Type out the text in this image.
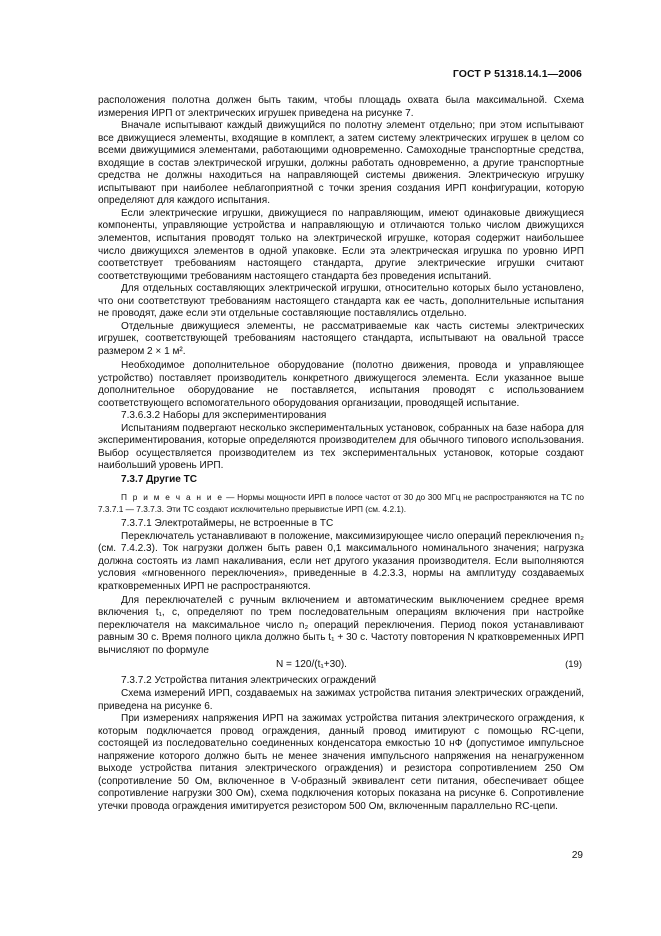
ГОСТ Р 51318.14.1—2006

расположения полотна должен быть таким, чтобы площадь охвата была максимальной. Схема измерения ИРП от электрических игрушек приведена на рисунке 7.

Вначале испытывают каждый движущийся по полотну элемент отдельно; при этом испытывают все движущиеся элементы, входящие в комплект, а затем систему электрических игрушек в целом со всеми движущимися элементами, работающими одновременно. Самоходные транспортные средства, входящие в состав электрической игрушки, должны работать одновременно, а другие транспортные средства не должны находиться на направляющей системы движения. Электрическую игрушку испытывают при наиболее неблагоприятной с точки зрения создания ИРП конфигурации, которую определяют для каждого испытания.

Если электрические игрушки, движущиеся по направляющим, имеют одинаковые движущиеся компоненты, управляющие устройства и направляющую и отличаются только числом движущихся элементов, испытания проводят только на электрической игрушке, которая содержит наибольшее число движущихся элементов в одной упаковке. Если эта электрическая игрушка по уровню ИРП соответствует требованиям настоящего стандарта, другие электрические игрушки считают соответствующими требованиям настоящего стандарта без проведения испытаний.

Для отдельных составляющих электрической игрушки, относительно которых было установлено, что они соответствуют требованиям настоящего стандарта как ее часть, дополнительные испытания не проводят, даже если эти отдельные составляющие поставлялись отдельно.

Отдельные движущиеся элементы, не рассматриваемые как часть системы электрических игрушек, соответствующей требованиям настоящего стандарта, испытывают на овальной трассе размером 2 × 1 м².

Необходимое дополнительное оборудование (полотно движения, провода и управляющее устройство) поставляет производитель конкретного движущегося элемента. Если указанное выше дополнительное оборудование не поставляется, испытания проводят с использованием соответствующего вспомогательного оборудования организации, проводящей испытание.

7.3.6.3.2 Наборы для экспериментирования

Испытаниям подвергают несколько экспериментальных установок, собранных на базе набора для экспериментирования, которые определяются производителем для обычного типового использования. Выбор осуществляется производителем из тех экспериментальных установок, которые создают наибольший уровень ИРП.

7.3.7 Другие ТС

П р и м е ч а н и е — Нормы мощности ИРП в полосе частот от 30 до 300 МГц не распространяются на ТС по 7.3.7.1 — 7.3.7.3. Эти ТС создают исключительно прерывистые ИРП (см. 4.2.1).

7.3.7.1 Электротаймеры, не встроенные в ТС

Переключатель устанавливают в положение, максимизирующее число операций переключения n₂ (см. 7.4.2.3). Ток нагрузки должен быть равен 0,1 максимального номинального значения; нагрузка должна состоять из ламп накаливания, если нет другого указания производителя. Если выполняются условия «мгновенного переключения», приведенные в 4.2.3.3, нормы на амплитуду создаваемых кратковременных ИРП не распространяются.

Для переключателей с ручным включением и автоматическим выключением среднее время включения t₁, с, определяют по трем последовательным операциям включения при настройке переключателя на максимальное число n₂ операций переключения. Период покоя устанавливают равным 30 с. Время полного цикла должно быть t₁ + 30 с. Частоту повторения N кратковременных ИРП вычисляют по формуле

N = 120/(t₁+30).	(19)

7.3.7.2 Устройства питания электрических ограждений

Схема измерений ИРП, создаваемых на зажимах устройства питания электрических ограждений, приведена на рисунке 6.

При измерениях напряжения ИРП на зажимах устройства питания электрического ограждения, к которым подключается провод ограждения, данный провод имитируют с помощью RC-цепи, состоящей из последовательно соединенных конденсатора емкостью 10 нФ (допустимое импульсное напряжение которого должно быть не менее значения импульсного напряжения на ненагруженном выходе устройства питания электрического ограждения) и резистора сопротивлением 250 Ом (сопротивление 50 Ом, включенное в V-образный эквивалент сети питания, обеспечивает общее сопротивление нагрузки 300 Ом), схема подключения которых показана на рисунке 6. Сопротивление утечки провода ограждения имитируется резистором 500 Ом, включенным параллельно RC-цепи.

29
